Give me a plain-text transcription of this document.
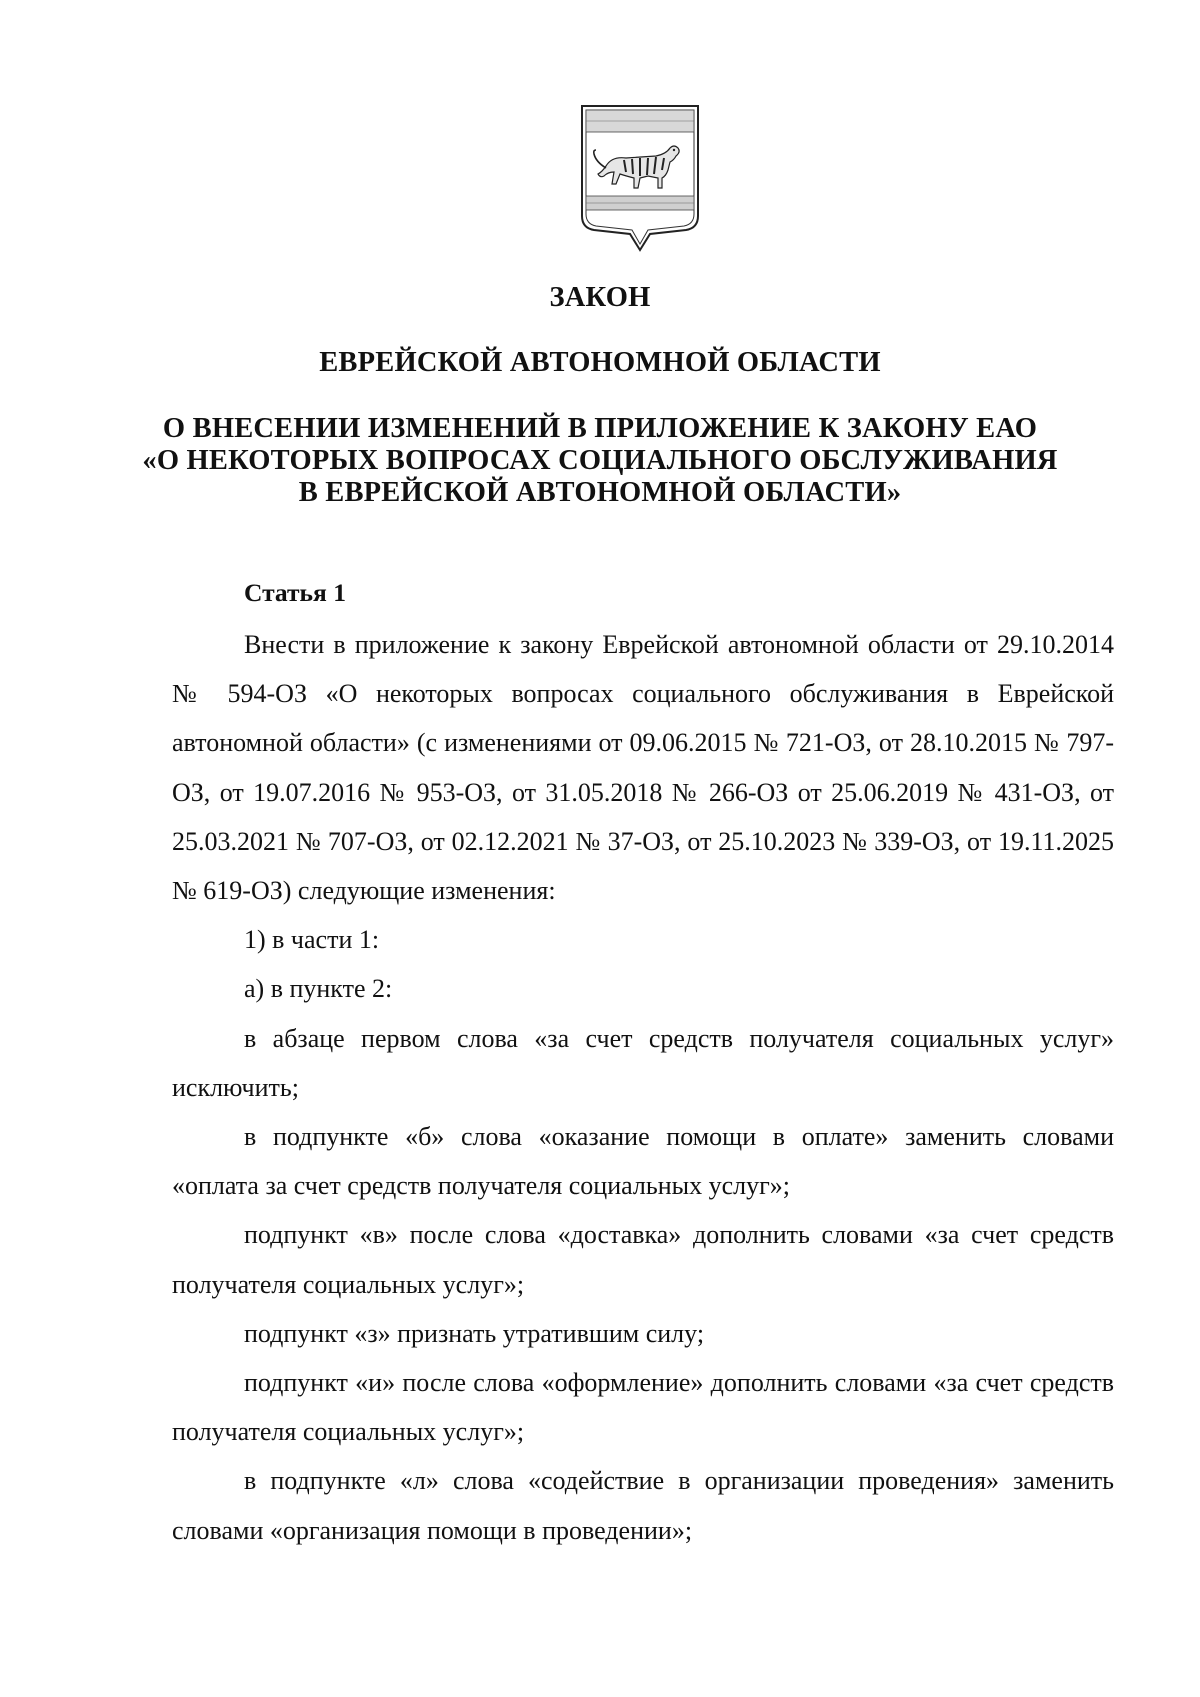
ЗАКОН
ЕВРЕЙСКОЙ АВТОНОМНОЙ ОБЛАСТИ
О ВНЕСЕНИИ ИЗМЕНЕНИЙ В ПРИЛОЖЕНИЕ К ЗАКОНУ ЕАО
«О НЕКОТОРЫХ ВОПРОСАХ СОЦИАЛЬНОГО ОБСЛУЖИВАНИЯ
В ЕВРЕЙСКОЙ АВТОНОМНОЙ ОБЛАСТИ»
Статья 1

Внести в приложение к закону Еврейской автономной области от 29.10.2014 № 594-ОЗ «О некоторых вопросах социального обслуживания в Еврейской автономной области» (с изменениями от 09.06.2015 № 721-ОЗ, от 28.10.2015 № 797-ОЗ, от 19.07.2016 № 953-ОЗ, от 31.05.2018 № 266-ОЗ от 25.06.2019 № 431-ОЗ, от 25.03.2021 № 707-ОЗ, от 02.12.2021 № 37-ОЗ, от 25.10.2023 № 339-ОЗ, от 19.11.2025 № 619-ОЗ) следующие изменения:

1) в части 1:

а) в пункте 2:

в абзаце первом слова «за счет средств получателя социальных услуг» исключить;

в подпункте «б» слова «оказание помощи в оплате» заменить словами «оплата за счет средств получателя социальных услуг»;

подпункт «в» после слова «доставка» дополнить словами «за счет средств получателя социальных услуг»;

подпункт «з» признать утратившим силу;

подпункт «и» после слова «оформление» дополнить словами «за счет средств получателя социальных услуг»;

в подпункте «л» слова «содействие в организации проведения» заменить словами «организация помощи в проведении»;
